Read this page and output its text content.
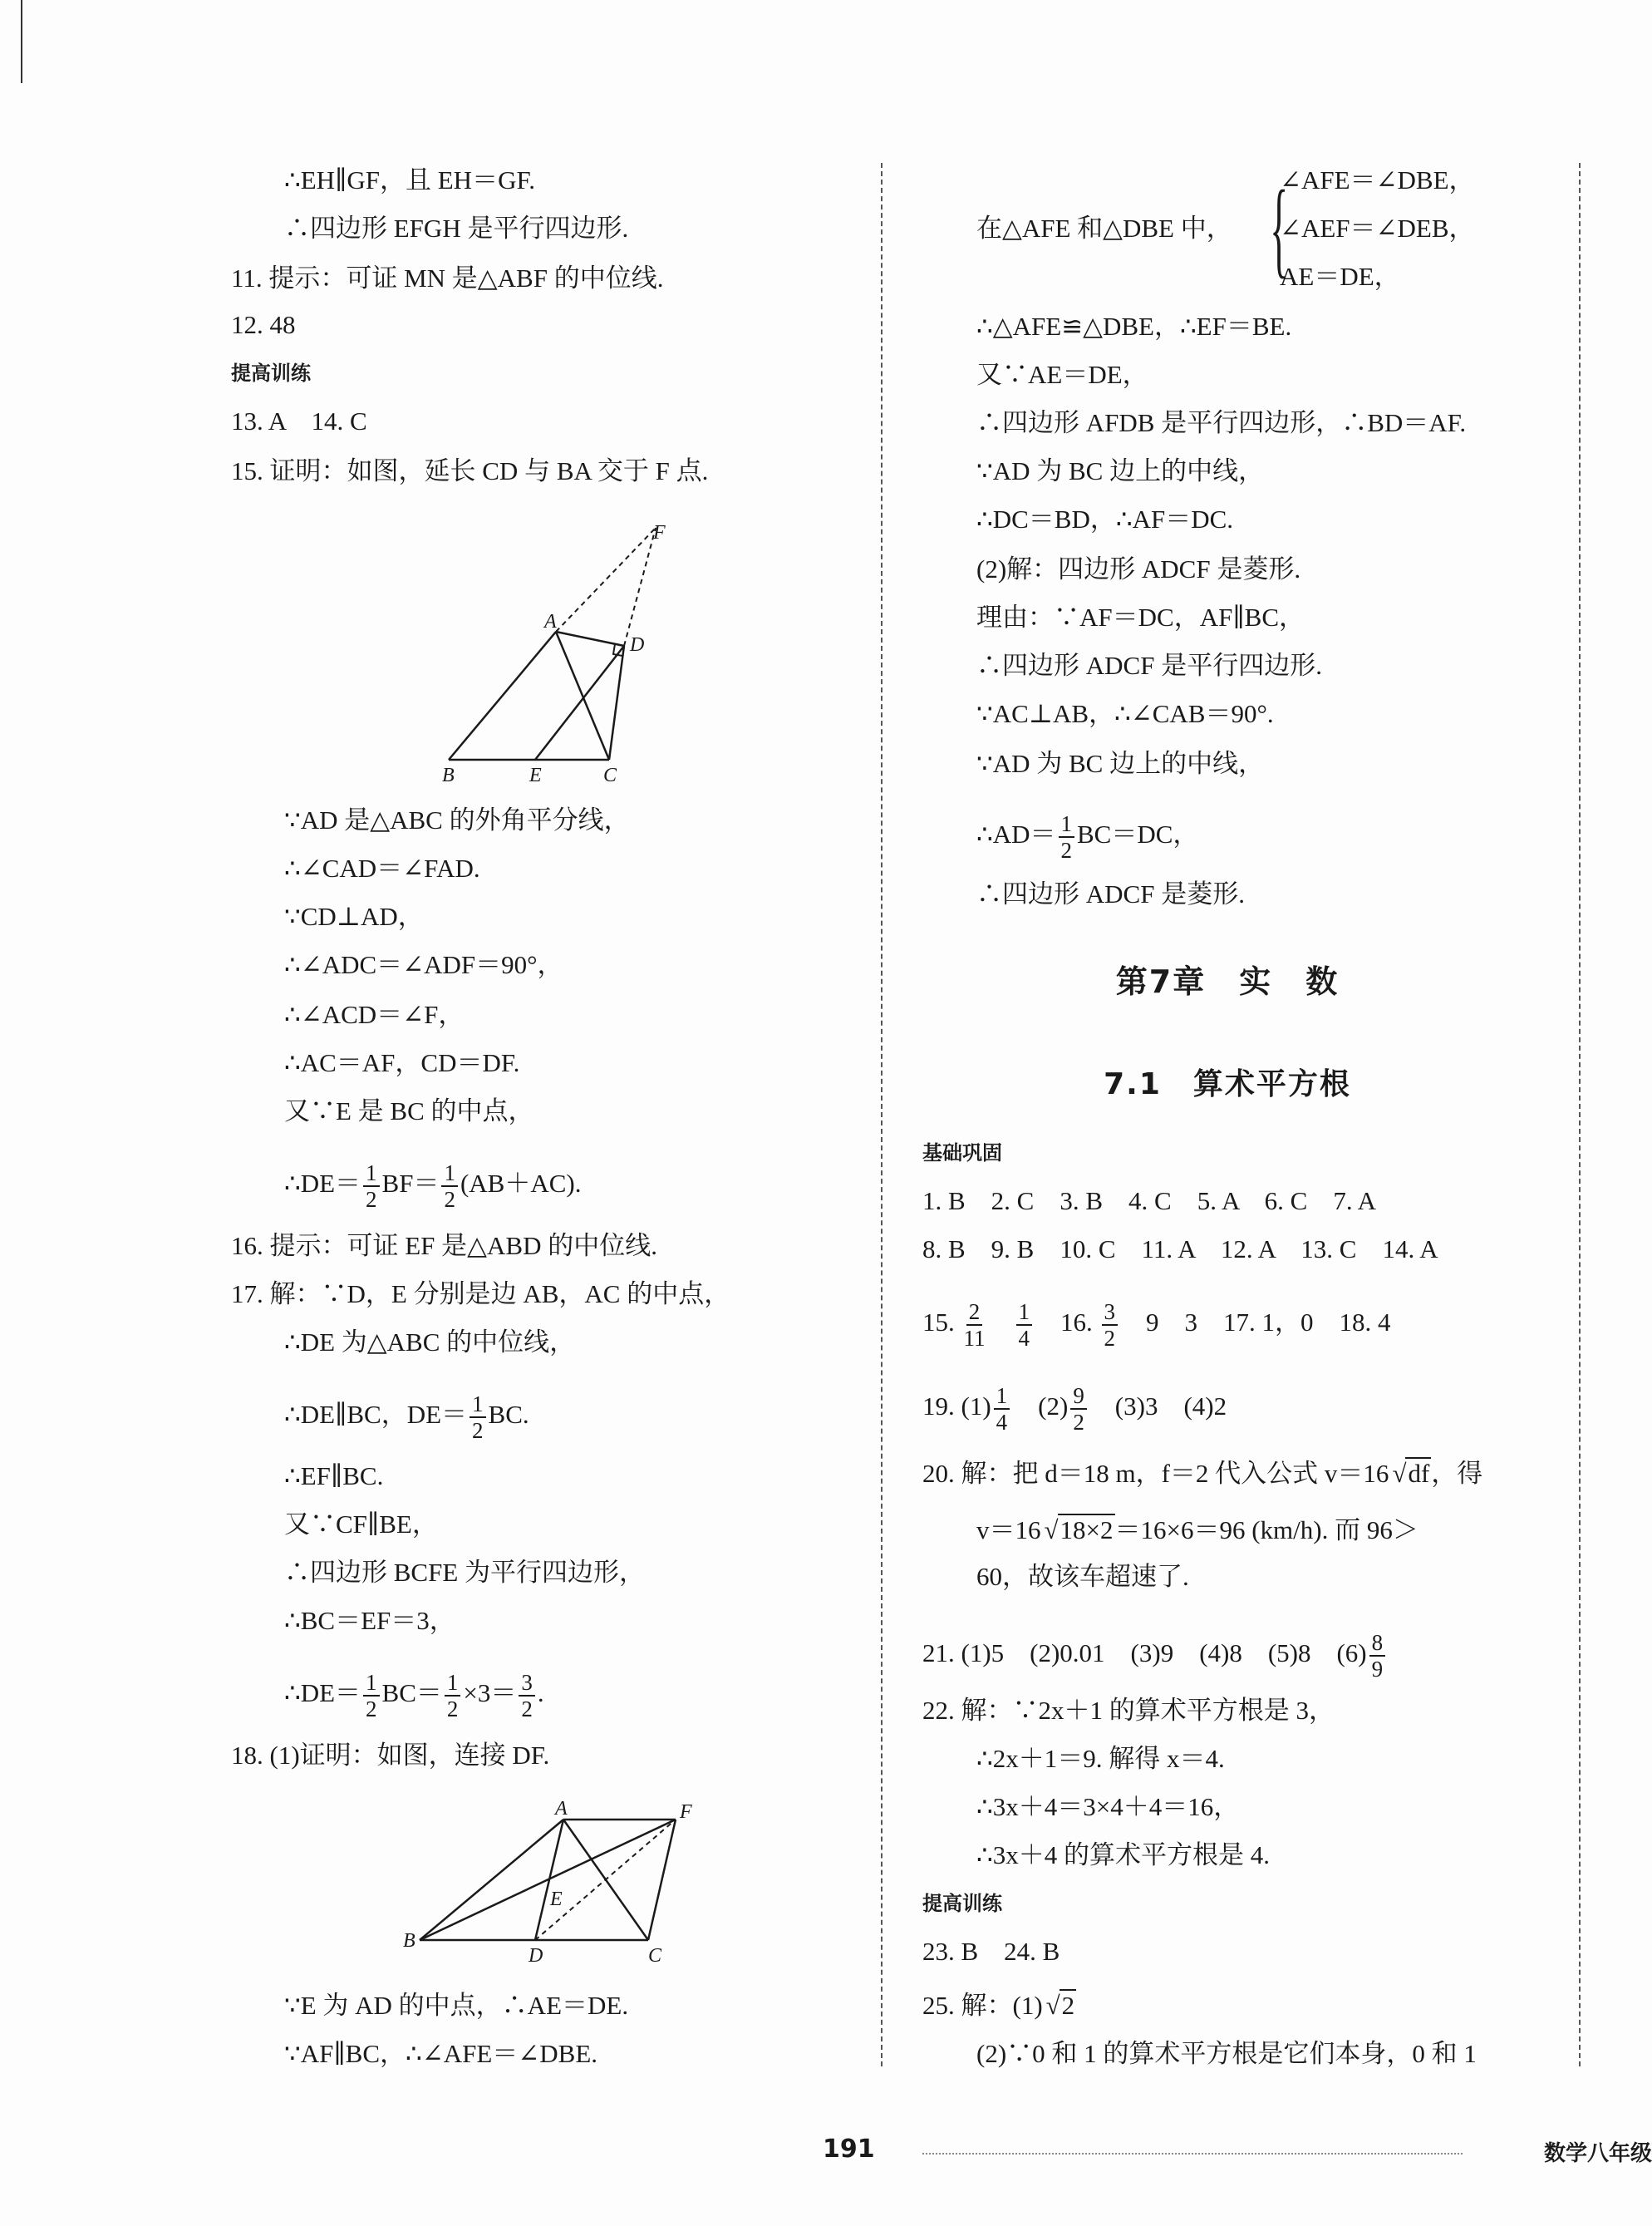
∴EH∥GF，且 EH＝GF.
∴四边形 EFGH 是平行四边形.
11. 提示：可证 MN 是△ABF 的中位线.
12. 48
提高训练
13. A　14. C
15. 证明：如图，延长 CD 与 BA 交于 F 点.
∵AD 是△ABC 的外角平分线，
∴∠CAD＝∠FAD.
∵CD⊥AD，
∴∠ADC＝∠ADF＝90°，
∴∠ACD＝∠F，
∴AC＝AF，CD＝DF.
又∵E 是 BC 的中点，
∴DE＝ $\frac{1}{2} BF= \frac{1}{2} (AB+AC)$.
16. 提示：可证 EF 是△ABD 的中位线.
17. 解：∵D，E 分别是边 AB，AC 的中点，
∴DE 为△ABC 的中位线，
∴DE∥BC，$DE= \frac{1}{2}$ BC.
∴EF∥BC.
又∵CF∥BE，
∴四边形 BCFE 为平行四边形，
∴BC＝EF＝3，
∴DE＝ $\frac{1}{2} BC= \frac{1}{2} \times 3= \frac{3}{2}$ .
18. (1)证明：如图，连接 DF.
∵E 为 AD 的中点，∴AE＝DE.
∵AF∥BC，∴∠AFE＝∠DBE.
∴△AFE≌△DBE，∴EF＝BE.
又∵AE＝DE，
∴四边形 AFDB 是平行四边形，∴BD＝AF.
∵AD 为 BC 边上的中线，
∴DC＝BD，∴AF＝DC.
(2)解：四边形 ADCF 是菱形.
理由：∵AF＝DC，AF∥BC，
∴四边形 ADCF 是平行四边形.
∵AC⊥AB，∴∠CAB＝90°.
∵AD 为 BC 边上的中线，
∴AD＝ $\frac{1}{2} BC=DC$，
∴四边形 ADCF 是菱形.
基础巩固
1. B　2. C　3. B　4. C　5. A　6. C　7. A
8. B　9. B　10. C　11. A　12. A　13. C　14. A
15. $\frac{2}{11}$
　 $\frac{1}{4}$ 　16. $\frac{3}{2}$ 　9　3　17. 1，0　18. 4
19. $(1) \frac{1}{4}$ 　$(2) \frac{9}{2}$ 　(3)3　(4)2
20. 解：把 d＝18 m，f＝2 代入公式 v＝16 √ df，得
v＝16 √ 18×2＝16×6＝96 (km/h). 而 96＞
60，故该车超速了.
21. (1)5　(2)0.01　(3)9　(4)8　(5)8　$(6) \frac{8}{9}$
22. 解：∵2x＋1 的算术平方根是 3，
∴2x＋1＝9. 解得 x＝4.
∴3x＋4＝3×4＋4＝16，
∴3x＋4 的算术平方根是 4.
提高训练
23. B　24. B
25. 解：(1) √ 2
(2)∵0 和 1 的算术平方根是它们本身，0 和 1
在△AFE 和△DBE 中， {
∠AFE＝∠DBE，
∠AEF＝∠DEB，
AE＝DE，
第7章　实　数
7.1　算术平方根
F
A
D
B	E	C
A	F
B
D	C
E
191	数学八年级
